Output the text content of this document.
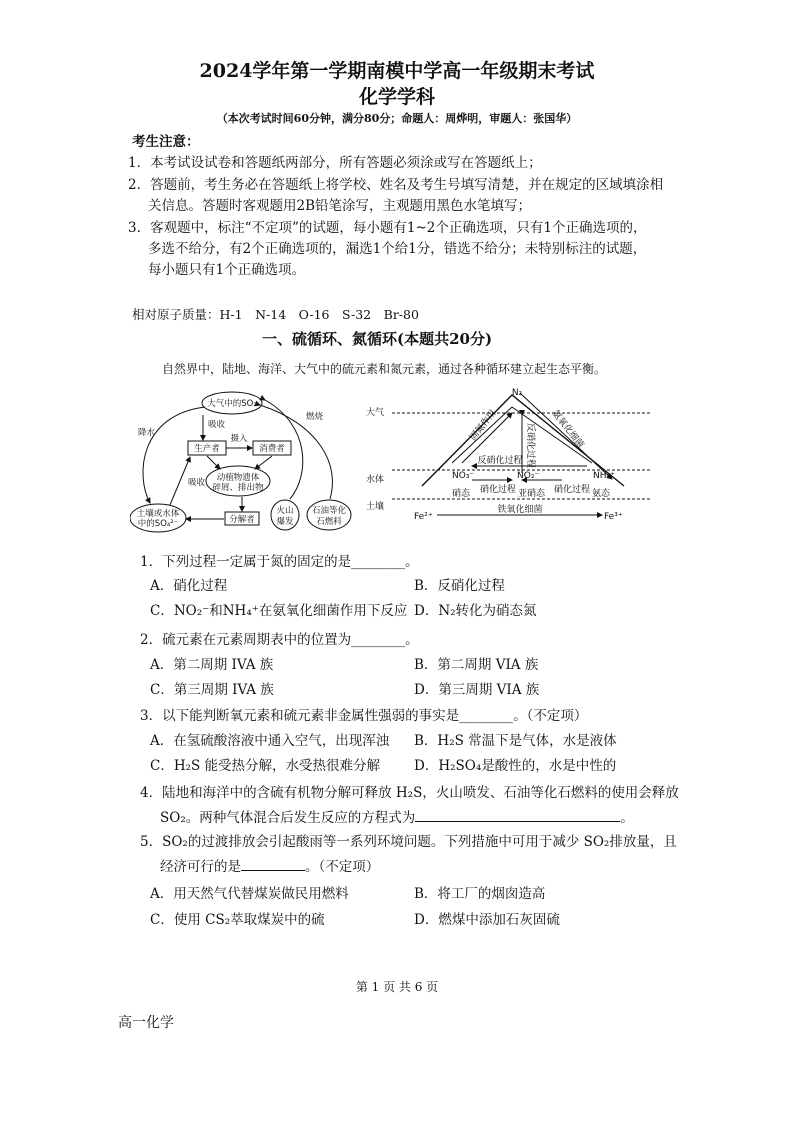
2024学年第一学期南模中学高一年级期末考试
化学学科
（本次考试时间60分钟，满分80分；命题人：周烨明，审题人：张国华）
考生注意：
1．本考试设试卷和答题纸两部分，所有答题必须涂或写在答题纸上；
2．答题前，考生务必在答题纸上将学校、姓名及考生号填写清楚，并在规定的区域填涂相
关信息。答题时客观题用2B铅笔涂写，主观题用黑色水笔填写；
3．客观题中，标注“不定项”的试题，每小题有1~2个正确选项，只有1个正确选项的，
多选不给分，有2个正确选项的，漏选1个给1分，错选不给分；未特别标注的试题，
每小题只有1个正确选项。
相对原子质量：H-1　N-14　O-16　S-32　Br-80
一、硫循环、氮循环(本题共20分)
自然界中，陆地、海洋、大气中的硫元素和氮元素，通过各种循环建立起生态平衡。
大气中的SO₂
生产者	消费者
摄入
吸收
吸收
降水
燃烧
动植物遗体
碎屑、排出物
土壤或水体
中的SO₄²⁻	分解者
火山
爆发
石油等化
石燃料
N₂
大气
水体
土壤
固氮作用	反硝化过程 氨氧化细菌
NO₃⁻	NH₄⁺
NO₂⁻
反硝化过程
硝化过程	硝化过程
硝态	亚硝态	氨态
Fe²⁺	Fe³⁺
铁氧化细菌
1．下列过程一定属于氮的固定的是________。
A．硝化过程	B．反硝化过程
C．NO₂⁻和NH₄⁺在氨氧化细菌作用下反应 D．N₂转化为硝态氮
2．硫元素在元素周期表中的位置为________。
A．第二周期 IVA 族	B．第二周期 VIA 族
C．第三周期 IVA 族	D．第三周期 VIA 族
3．以下能判断氧元素和硫元素非金属性强弱的事实是________。（不定项）
A．在氢硫酸溶液中通入空气，出现浑浊 B．H₂S 常温下是气体，水是液体
C．H₂S 能受热分解，水受热很难分解	D．H₂SO₄是酸性的，水是中性的
4．陆地和海洋中的含硫有机物分解可释放 H₂S，火山喷发、石油等化石燃料的使用会释放
SO₂。两种气体混合后发生反应的方程式为	。
5．SO₂的过渡排放会引起酸雨等一系列环境问题。下列措施中可用于减少 SO₂排放量，且
经济可行的是	。（不定项）
A．用天然气代替煤炭做民用燃料	B．将工厂的烟囱造高
C．使用 CS₂萃取煤炭中的硫	D．燃煤中添加石灰固硫
第 1 页 共 6 页
高一化学
